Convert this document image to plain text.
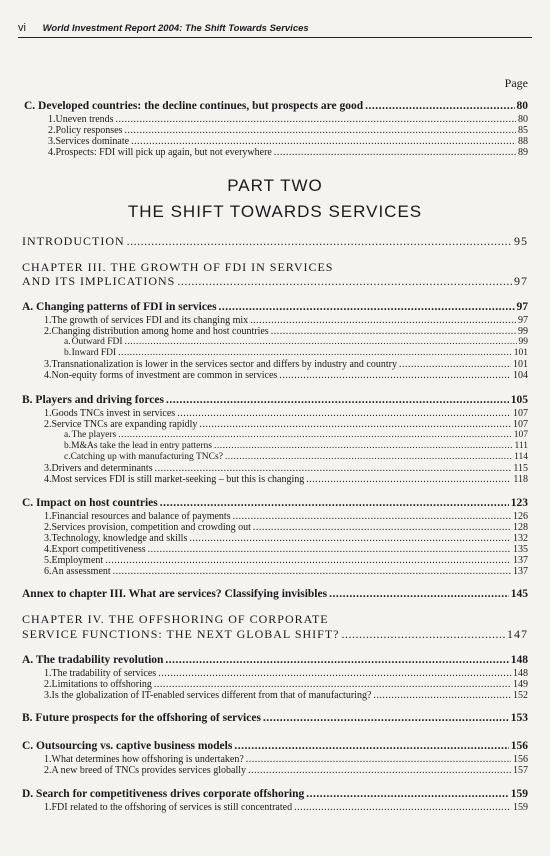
vi World Investment Report 2004: The Shift Towards Services
Page
C. Developed countries: the decline continues, but prospects are good .....	80
1. Uneven trends .....	80
2. Policy responses .....	85
3. Services dominate .....	88
4. Prospects: FDI will pick up again, but not everywhere .....	89
PART TWO
THE SHIFT TOWARDS SERVICES
INTRODUCTION .....	95
CHAPTER III. THE GROWTH OF FDI IN SERVICES
AND ITS IMPLICATIONS .....	97
A. Changing patterns of FDI in services .....	97
1. The growth of services FDI and its changing mix .....	97
2. Changing distribution among home and host countries .....	99
a. Outward FDI .....	99
b. Inward FDI .....	101
3. Transnationalization is lower in the services sector and differs by industry and country .....	101
4. Non-equity forms of investment are common in services .....	104
B. Players and driving forces .....	105
1. Goods TNCs invest in services .....	107
2. Service TNCs are expanding rapidly .....	107
a. The players .....	107
b. M&As take the lead in entry patterns .....	111
c. Catching up with manufacturing TNCs? .....	114
3. Drivers and determinants .....	115
4. Most services FDI is still market-seeking – but this is changing .....	118
C. Impact on host countries .....	123
1. Financial resources and balance of payments .....	126
2. Services provision, competition and crowding out .....	128
3. Technology, knowledge and skills .....	132
4. Export competitiveness .....	135
5. Employment .....	137
6. An assessment .....	137
Annex to chapter III. What are services? Classifying invisibles .....	145
CHAPTER IV. THE OFFSHORING OF CORPORATE
SERVICE FUNCTIONS: THE NEXT GLOBAL SHIFT? .....	147
A. The tradability revolution .....	148
1. The tradability of services .....	148
2. Limitations to offshoring .....	149
3. Is the globalization of IT-enabled services different from that of manufacturing? .....	152
B. Future prospects for the offshoring of services .....	153
C. Outsourcing vs. captive business models .....	156
1. What determines how offshoring is undertaken? .....	156
2. A new breed of TNCs provides services globally .....	157
D. Search for competitiveness drives corporate offshoring .....	159
1. FDI related to the offshoring of services is still concentrated .....	159
